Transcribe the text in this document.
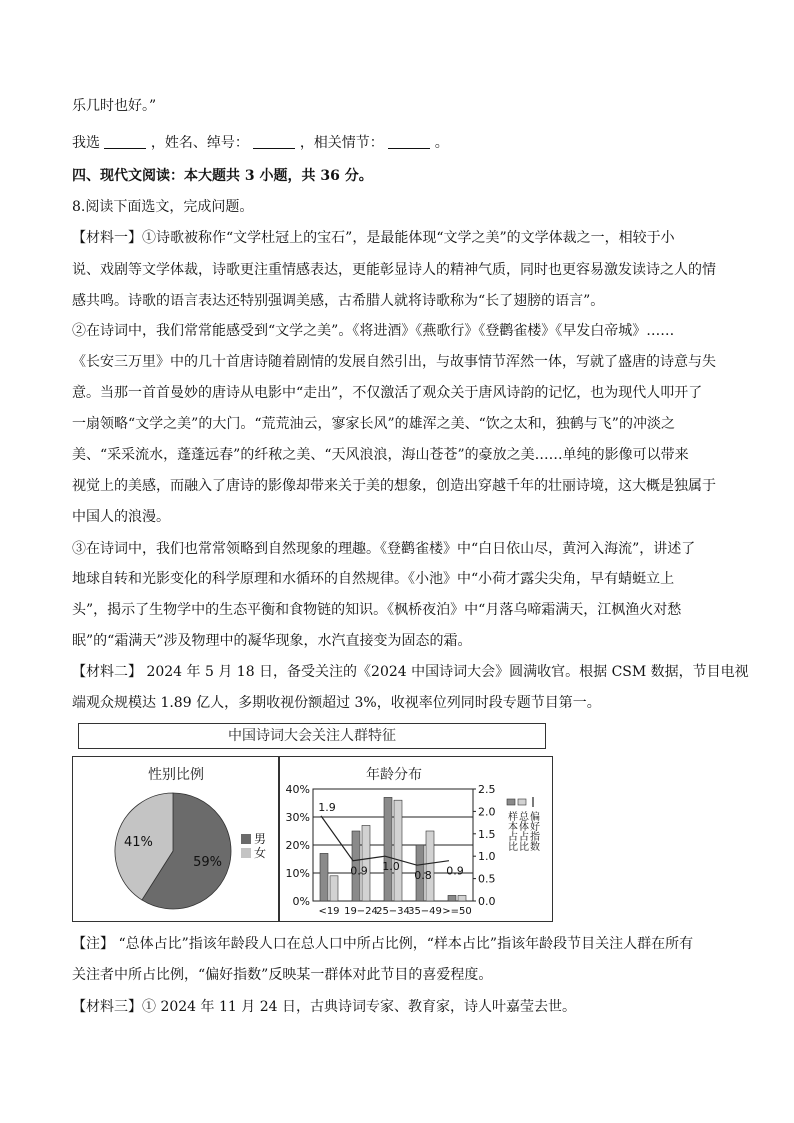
乐几时也好。”
我选	，姓名、绰号：	，相关情节：	。
四、现代文阅读：本大题共 3 小题，共 36 分。
8.阅读下面选文，完成问题。
【材料一】①诗歌被称作“文学杜冠上的宝石”，是最能体现“文学之美”的文学体裁之一，相较于小
说、戏剧等文学体裁，诗歌更注重情感表达，更能彰显诗人的精神气质，同时也更容易激发读诗之人的情
感共鸣。诗歌的语言表达还特别强调美感，古希腊人就将诗歌称为“长了翅膀的语言”。
②在诗词中，我们常常能感受到“文学之美”。《将进酒》《燕歌行》《登鹳雀楼》《早发白帝城》……
《长安三万里》中的几十首唐诗随着剧情的发展自然引出，与故事情节浑然一体，写就了盛唐的诗意与失
意。当那一首首曼妙的唐诗从电影中“走出”，不仅激活了观众关于唐风诗韵的记忆，也为现代人叩开了
一扇领略“文学之美”的大门。“荒荒油云，寥家长风”的雄浑之美、“饮之太和，独鹤与飞”的冲淡之
美、“采采流水，蓬蓬远春”的纤秾之美、“天风浪浪，海山苍苍”的豪放之美……单纯的影像可以带来
视觉上的美感，而融入了唐诗的影像却带来关于美的想象，创造出穿越千年的壮丽诗境，这大概是独属于
中国人的浪漫。
③在诗词中，我们也常常领略到自然现象的理趣。《登鹳雀楼》中“白日依山尽，黄河入海流”，讲述了
地球自转和光影变化的科学原理和水循环的自然规律。《小池》中“小荷才露尖尖角，早有蜻蜓立上
头”，揭示了生物学中的生态平衡和食物链的知识。《枫桥夜泊》中“月落乌啼霜满天，江枫渔火对愁
眠”的“霜满天”涉及物理中的凝华现象，水汽直接变为固态的霜。
【材料二】 2024 年 5 月 18 日，备受关注的《2024 中国诗词大会》圆满收官。根据 CSM 数据，节目电视
端观众规模达 1.89 亿人，多期收视份额超过 3%，收视率位列同时段专题节目第一。
中国诗词大会关注人群特征
性别比例
59%
41%	男
女
年龄分布
0%
10%
20%
30%
40%
0.0
0.5
1.0
1.5
2.0
2.5
<19 19−24
25−34
35−49 >=50
1.9
0.9 1.0
0.8 0.9
样本占比 总体占比 偏好指数
【注】 “总体占比”指该年龄段人口在总人口中所占比例，“样本占比”指该年龄段节目关注人群在所有
关注者中所占比例，“偏好指数”反映某一群体对此节目的喜爱程度。
【材料三】① 2024 年 11 月 24 日，古典诗词专家、教育家，诗人叶嘉莹去世。
